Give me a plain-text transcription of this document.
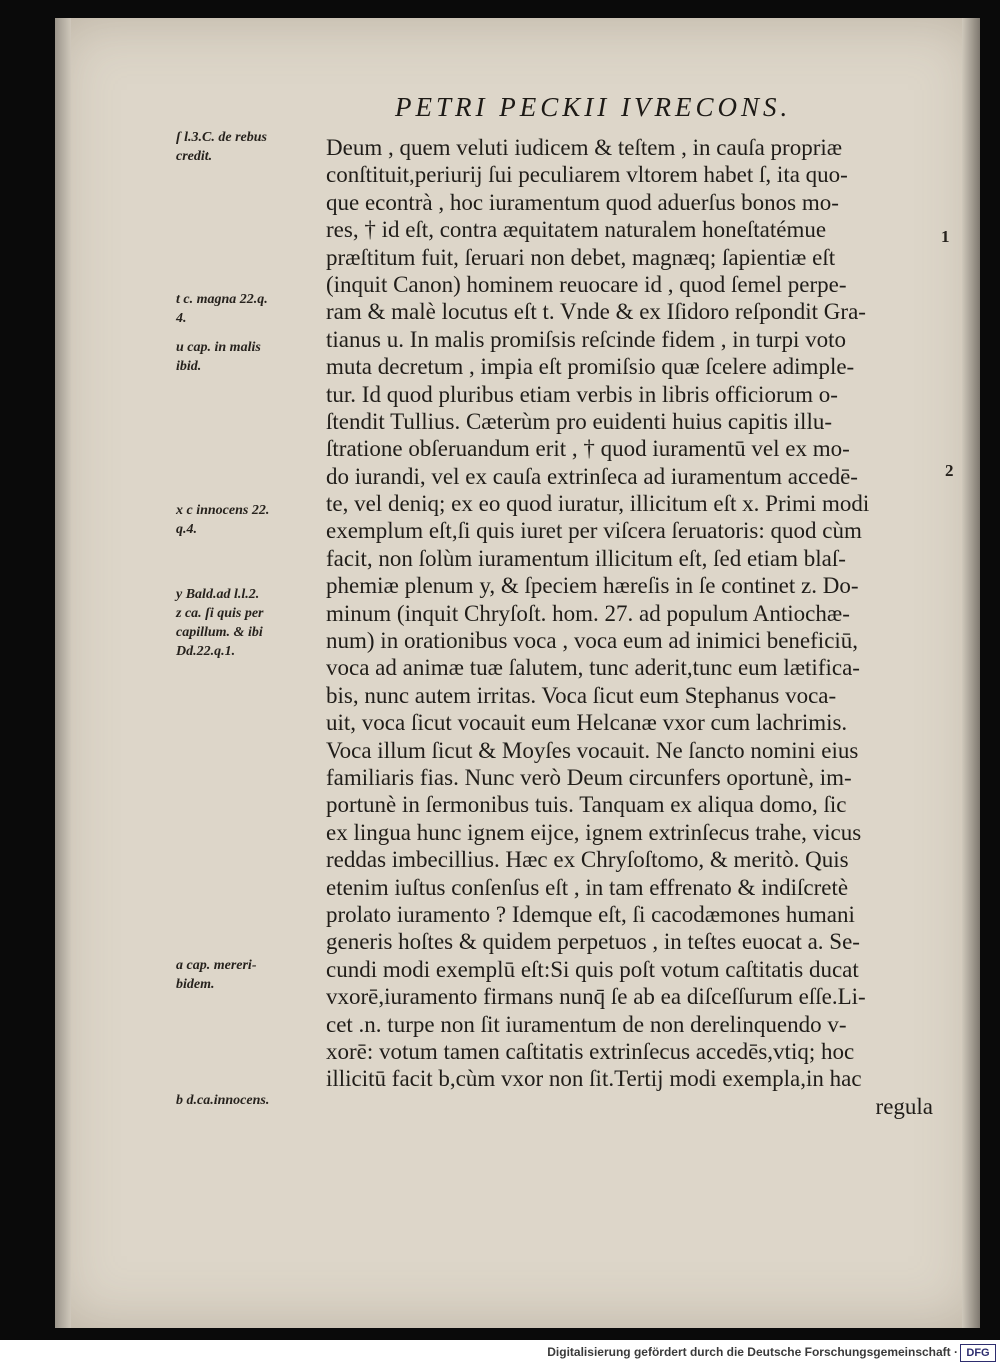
PETRI PECKII IVRECONS.
Deum , quem veluti iudicem & teſtem , in cauſa propriæ
conſtituit,periurij ſui peculiarem vltorem habet ſ, ita quo-
que econtrà , hoc iuramentum quod aduerſus bonos mo-
res, † id eſt, contra æquitatem naturalem honeſtatémue
præſtitum fuit, ſeruari non debet, magnæq; ſapientiæ eſt
(inquit Canon) hominem reuocare id , quod ſemel perpe-
ram & malè locutus eſt t. Vnde & ex Iſidoro reſpondit Gra-
tianus u. In malis promiſsis reſcinde fidem , in turpi voto
muta decretum , impia eſt promiſsio quæ ſcelere adimple-
tur. Id quod pluribus etiam verbis in libris officiorum o-
ſtendit Tullius. Cæterùm pro euidenti huius capitis illu-
ſtratione obſeruandum erit , † quod iuramentū vel ex mo-
do iurandi, vel ex cauſa extrinſeca ad iuramentum accedē-
te, vel deniq; ex eo quod iuratur, illicitum eſt x. Primi modi
exemplum eſt,ſi quis iuret per viſcera ſeruatoris: quod cùm
facit, non ſolùm iuramentum illicitum eſt, ſed etiam blaſ-
phemiæ plenum y, & ſpeciem hæreſis in ſe continet z. Do-
minum (inquit Chryſoſt. hom. 27. ad populum Antiochæ-
num) in orationibus voca , voca eum ad inimici beneficiū,
voca ad animæ tuæ ſalutem, tunc aderit,tunc eum lætifica-
bis, nunc autem irritas. Voca ſicut eum Stephanus voca-
uit, voca ſicut vocauit eum Helcanæ vxor cum lachrimis.
Voca illum ſicut & Moyſes vocauit. Ne ſancto nomini eius
familiaris fias. Nunc verò Deum circunfers oportunè, im-
portunè in ſermonibus tuis. Tanquam ex aliqua domo, ſic
ex lingua hunc ignem eijce, ignem extrinſecus trahe, vicus
reddas imbecillius. Hæc ex Chryſoſtomo, & meritò. Quis
etenim iuſtus conſenſus eſt , in tam effrenato & indiſcretè
prolato iuramento ? Idemque eſt, ſi cacodæmones humani
generis hoſtes & quidem perpetuos , in teſtes euocat a. Se-
cundi modi exemplū eſt:Si quis poſt votum caſtitatis ducat
vxorē,iuramento firmans nunq̄ ſe ab ea diſceſſurum eſſe.Li-
cet .n. turpe non ſit iuramentum de non derelinquendo v-
xorē: votum tamen caſtitatis extrinſecus accedēs,vtiq; hoc
illicitū facit b,cùm vxor non ſit.Tertij modi exempla,in hac
regula
ſ l.3.C. de rebus
credit.
t c. magna 22.q.
4.
u cap. in malis
ibid.
x c innocens 22.
q.4.
y Bald.ad l.l.2.
z ca. ſi quis per
capillum. & ibi
Dd.22.q.1.
a cap. mereri-
bidem.
b d.ca.innocens.
1
2
Digitalisierung gefördert durch die Deutsche Forschungsgemeinschaft · DFG
